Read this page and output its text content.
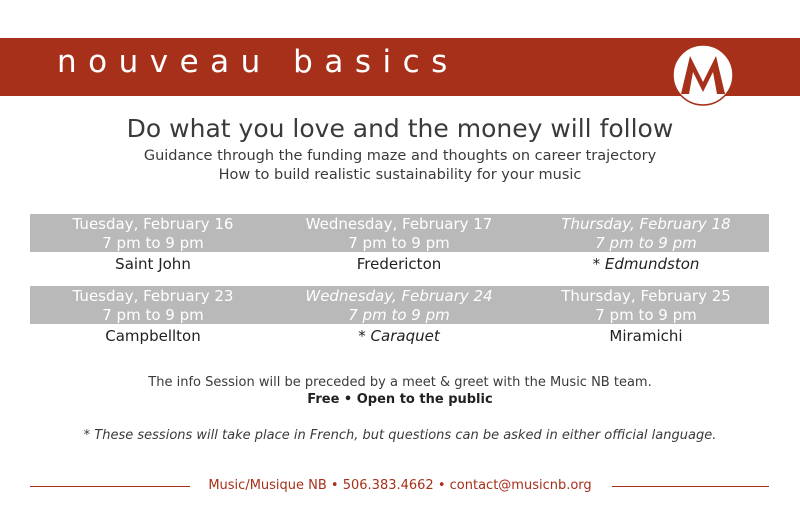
nouveau basics
Do what you love and the money will follow
Guidance through the funding maze and thoughts on career trajectory
How to build realistic sustainability for your music
Tuesday, February 16
7 pm to 9 pm
Saint John
Wednesday, February 17
7 pm to 9 pm
Fredericton
Thursday, February 18
7 pm to 9 pm
* Edmundston
Tuesday, February 23
7 pm to 9 pm
Campbellton
Wednesday, February 24
7 pm to 9 pm
* Caraquet
Thursday, February 25
7 pm to 9 pm
Miramichi
The info Session will be preceded by a meet & greet with the Music NB team.
Free • Open to the public
* These sessions will take place in French, but questions can be asked in either official language.
Music/Musique NB • 506.383.4662 • contact@musicnb.org
